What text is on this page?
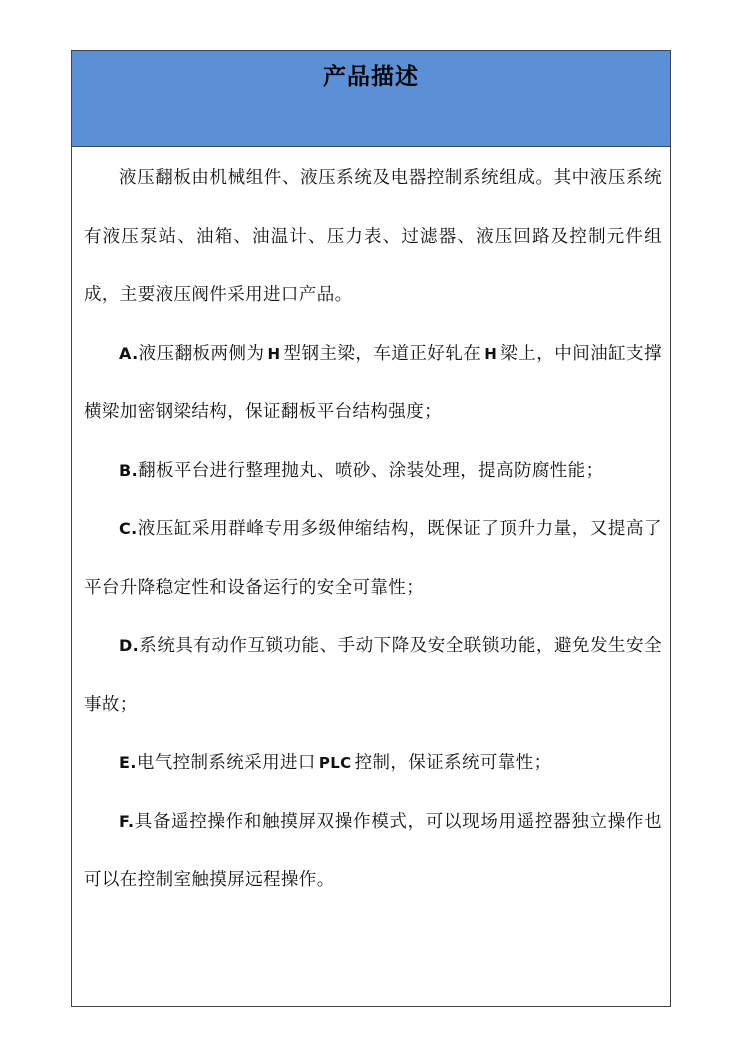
产品描述

液压翻板由机械组件、液压系统及电器控制系统组成。其中液压系统有液压泵站、油箱、油温计、压力表、过滤器、液压回路及控制元件组成，主要液压阀件采用进口产品。

A.液压翻板两侧为 H 型钢主梁，车道正好轧在 H 梁上，中间油缸支撑横梁加密钢梁结构，保证翻板平台结构强度；

B.翻板平台进行整理抛丸、喷砂、涂装处理，提高防腐性能；

C.液压缸采用群峰专用多级伸缩结构，既保证了顶升力量，又提高了平台升降稳定性和设备运行的安全可靠性；

D.系统具有动作互锁功能、手动下降及安全联锁功能，避免发生安全事故；

E.电气控制系统采用进口 PLC 控制，保证系统可靠性；

F.具备遥控操作和触摸屏双操作模式，可以现场用遥控器独立操作也可以在控制室触摸屏远程操作。
